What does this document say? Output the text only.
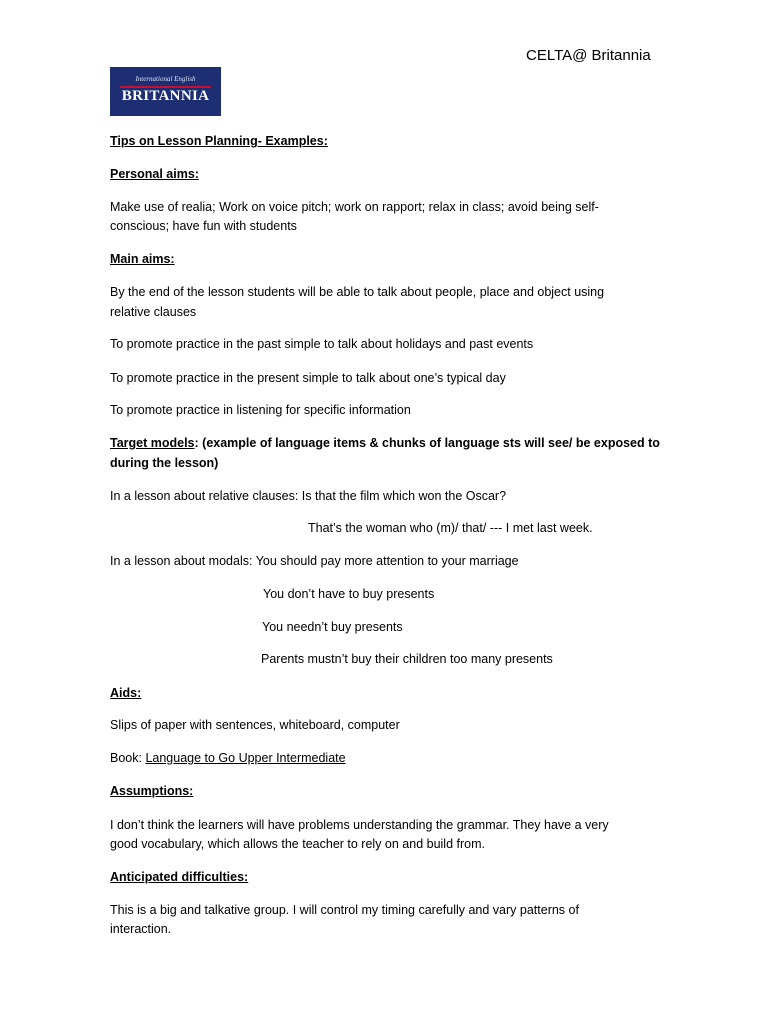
CELTA@ Britannia
International English
BRITANNIA
Tips on Lesson Planning- Examples:
Personal aims:
Make use of realia; Work on voice pitch; work on rapport; relax in class; avoid being self-
conscious; have fun with students
Main aims:
By the end of the lesson students will be able to talk about people, place and object using
relative clauses
To promote practice in the past simple to talk about holidays and past events
To promote practice in the present simple to talk about one’s typical day
To promote practice in listening for specific information
Target models: (example of language items & chunks of language sts will see/ be exposed to
during the lesson)
In a lesson about relative clauses: Is that the film which won the Oscar?
That’s the woman who (m)/ that/ --- I met last week.
In a lesson about modals: You should pay more attention to your marriage
You don’t have to buy presents
You needn’t buy presents
Parents mustn’t buy their children too many presents
Aids:
Slips of paper with sentences, whiteboard, computer
Book: Language to Go Upper Intermediate
Assumptions:
I don’t think the learners will have problems understanding the grammar. They have a very
good vocabulary, which allows the teacher to rely on and build from.
Anticipated difficulties:
This is a big and talkative group. I will control my timing carefully and vary patterns of
interaction.
